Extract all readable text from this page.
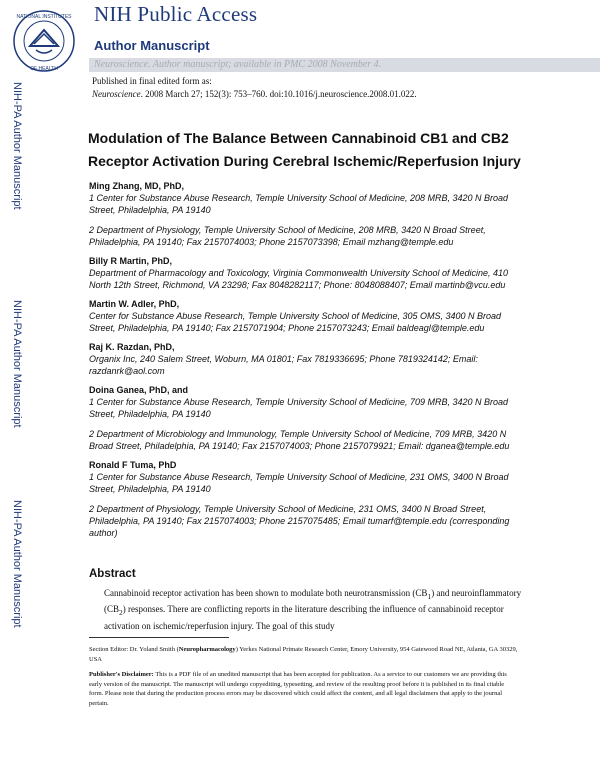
NATIONAL INSTITUTES
OF HEALTH
NIH Public Access
Author Manuscript
Neuroscience. Author manuscript; available in PMC 2008 November 4.
Published in final edited form as:
Neuroscience. 2008 March 27; 152(3): 753–760. doi:10.1016/j.neuroscience.2008.01.022.
NIH-PA Author Manuscript
NIH-PA Author Manuscript
NIH-PA Author Manuscript
Modulation of The Balance Between Cannabinoid CB1 and CB2
Receptor Activation During Cerebral Ischemic/Reperfusion Injury
Ming Zhang, MD, PhD,
1 Center for Substance Abuse Research, Temple University School of Medicine, 208 MRB, 3420 N Broad Street, Philadelphia, PA 19140
2 Department of Physiology, Temple University School of Medicine, 208 MRB, 3420 N Broad Street, Philadelphia, PA 19140; Fax 2157074003; Phone 2157073398; Email mzhang@temple.edu
Billy R Martin, PhD,
Department of Pharmacology and Toxicology, Virginia Commonwealth University School of Medicine, 410 North 12th Street, Richmond, VA 23298; Fax 8048282117; Phone: 8048088407; Email martinb@vcu.edu
Martin W. Adler, PhD,
Center for Substance Abuse Research, Temple University School of Medicine, 305 OMS, 3400 N Broad Street, Philadelphia, PA 19140; Fax 2157071904; Phone 2157073243; Email baldeagl@temple.edu
Raj K. Razdan, PhD,
Organix Inc, 240 Salem Street, Woburn, MA 01801; Fax 7819336695; Phone 7819324142; Email: razdanrk@aol.com
Doina Ganea, PhD, and
1 Center for Substance Abuse Research, Temple University School of Medicine, 709 MRB, 3420 N Broad Street, Philadelphia, PA 19140
2 Department of Microbiology and Immunology, Temple University School of Medicine, 709 MRB, 3420 N Broad Street, Philadelphia, PA 19140; Fax 2157074003; Phone 2157079921; Email: dganea@temple.edu
Ronald F Tuma, PhD
1 Center for Substance Abuse Research, Temple University School of Medicine, 231 OMS, 3400 N Broad Street, Philadelphia, PA 19140
2 Department of Physiology, Temple University School of Medicine, 231 OMS, 3400 N Broad Street, Philadelphia, PA 19140; Fax 2157074003; Phone 2157075485; Email tumarf@temple.edu (corresponding author)
Abstract
Cannabinoid receptor activation has been shown to modulate both neurotransmission $(CB_1)$ and neuroinflammatory $(CB_2)$ responses. There are conflicting reports in the literature describing the influence of cannabinoid receptor activation on ischemic/reperfusion injury. The goal of this study
Section Editor: Dr. Yoland Smith (Neuropharmacology) Yerkes National Primate Research Center, Emory University, 954 Gatewood Road NE, Atlanta, GA 30329, USA
Publisher's Disclaimer: This is a PDF file of an unedited manuscript that has been accepted for publication. As a service to our customers we are providing this early version of the manuscript. The manuscript will undergo copyediting, typesetting, and review of the resulting proof before it is published in its final citable form. Please note that during the production process errors may be discovered which could affect the content, and all legal disclaimers that apply to the journal pertain.
